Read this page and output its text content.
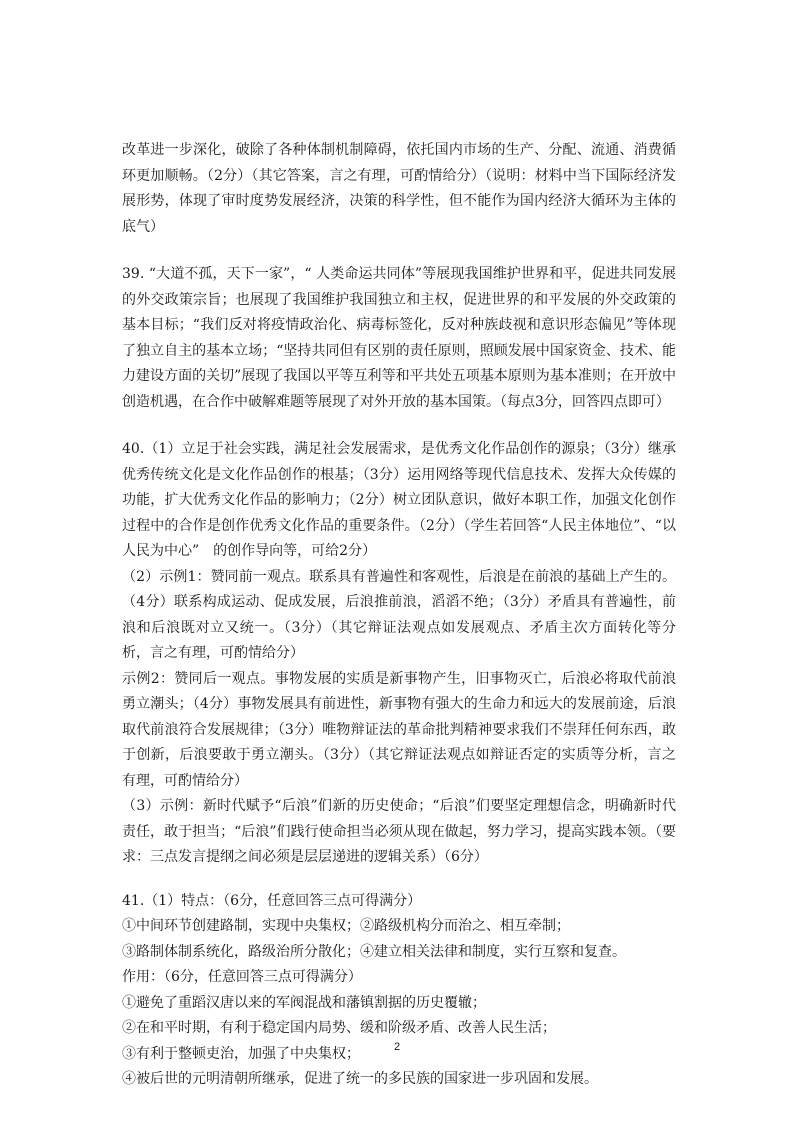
改革进一步深化，破除了各种体制机制障碍，依托国内市场的生产、分配、流通、消费循环更加顺畅。（2分）（其它答案，言之有理，可酌情给分）（说明：材料中当下国际经济发展形势，体现了审时度势发展经济，决策的科学性，但不能作为国内经济大循环为主体的底气）

39. “大道不孤，天下一家”，“ 人类命运共同体”等展现我国维护世界和平，促进共同发展的外交政策宗旨；也展现了我国维护我国独立和主权，促进世界的和平发展的外交政策的基本目标；“我们反对将疫情政治化、病毒标签化，反对种族歧视和意识形态偏见”等体现了独立自主的基本立场；“坚持共同但有区别的责任原则，照顾发展中国家资金、技术、能力建设方面的关切”展现了我国以平等互利等和平共处五项基本原则为基本准则；在开放中创造机遇，在合作中破解难题等展现了对外开放的基本国策。（每点3分，回答四点即可）

40.（1）立足于社会实践，满足社会发展需求，是优秀文化作品创作的源泉；（3分）继承优秀传统文化是文化作品创作的根基；（3分）运用网络等现代信息技术、发挥大众传媒的功能，扩大优秀文化作品的影响力；（2分）树立团队意识，做好本职工作，加强文化创作过程中的合作是创作优秀文化作品的重要条件。（2分）（学生若回答“人民主体地位”、“以人民为中心”　的创作导向等，可给2分）

（2）示例1：赞同前一观点。联系具有普遍性和客观性，后浪是在前浪的基础上产生的。（4分）联系构成运动、促成发展，后浪推前浪，滔滔不绝；（3分）矛盾具有普遍性，前浪和后浪既对立又统一。（3分）（其它辩证法观点如发展观点、矛盾主次方面转化等分析，言之有理，可酌情给分）

示例2：赞同后一观点。事物发展的实质是新事物产生，旧事物灭亡，后浪必将取代前浪勇立潮头；（4分）事物发展具有前进性，新事物有强大的生命力和远大的发展前途，后浪取代前浪符合发展规律；（3分）唯物辩证法的革命批判精神要求我们不崇拜任何东西，敢于创新，后浪要敢于勇立潮头。（3分）（其它辩证法观点如辩证否定的实质等分析，言之有理，可酌情给分）

（3）示例：新时代赋予“后浪”们新的历史使命；“后浪”们要坚定理想信念，明确新时代责任，敢于担当；“后浪”们践行使命担当必须从现在做起，努力学习，提高实践本领。（要求：三点发言提纲之间必须是层层递进的逻辑关系）（6分）

41.（1）特点：（6分，任意回答三点可得满分）

①中间环节创建路制，实现中央集权；②路级机构分而治之、相互牵制；

③路制体制系统化，路级治所分散化；④建立相关法律和制度，实行互察和复查。

作用：（6分，任意回答三点可得满分）

①避免了重蹈汉唐以来的军阀混战和藩镇割据的历史覆辙；

②在和平时期，有利于稳定国内局势、缓和阶级矛盾、改善人民生活；

③有利于整顿吏治，加强了中央集权；

④被后世的元明清朝所继承，促进了统一的多民族的国家进一步巩固和发展。

2
